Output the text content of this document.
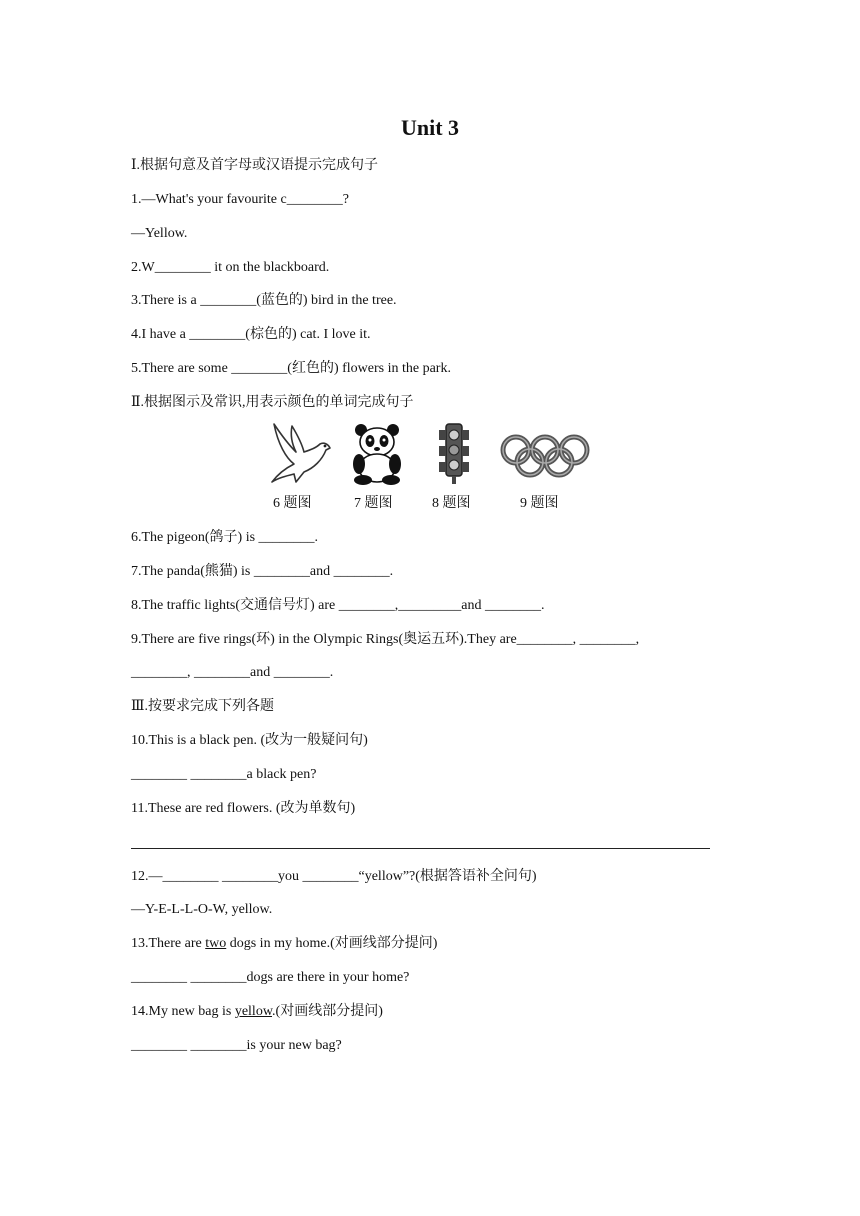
Unit 3
Ⅰ.根据句意及首字母或汉语提示完成句子
1.—What's your favourite c________?
—Yellow.
2.W________ it on the blackboard.
3.There is a ________(蓝色的) bird in the tree.
4.I have a ________(棕色的) cat. I love it.
5.There are some ________(红色的) flowers in the park.
Ⅱ.根据图示及常识,用表示颜色的单词完成句子
6 题图	7 题图	8 题图	9 题图
6.The pigeon(鸽子) is ________.
7.The panda(熊猫) is ________and ________.
8.The traffic lights(交通信号灯) are ________,_________and ________.
9.There are five rings(环) in the Olympic Rings(奥运五环).They are________, ________,
________, ________and ________.
Ⅲ.按要求完成下列各题
10.This is a black pen. (改为一般疑问句)
________ ________a black pen?
11.These are red flowers. (改为单数句)
12.—________ ________you ________“yellow”?(根据答语补全问句)
—Y-E-L-L-O-W, yellow.
13.There are two dogs in my home.(对画线部分提问)
________ ________dogs are there in your home?
14.My new bag is yellow.(对画线部分提问)
________ ________is your new bag?
